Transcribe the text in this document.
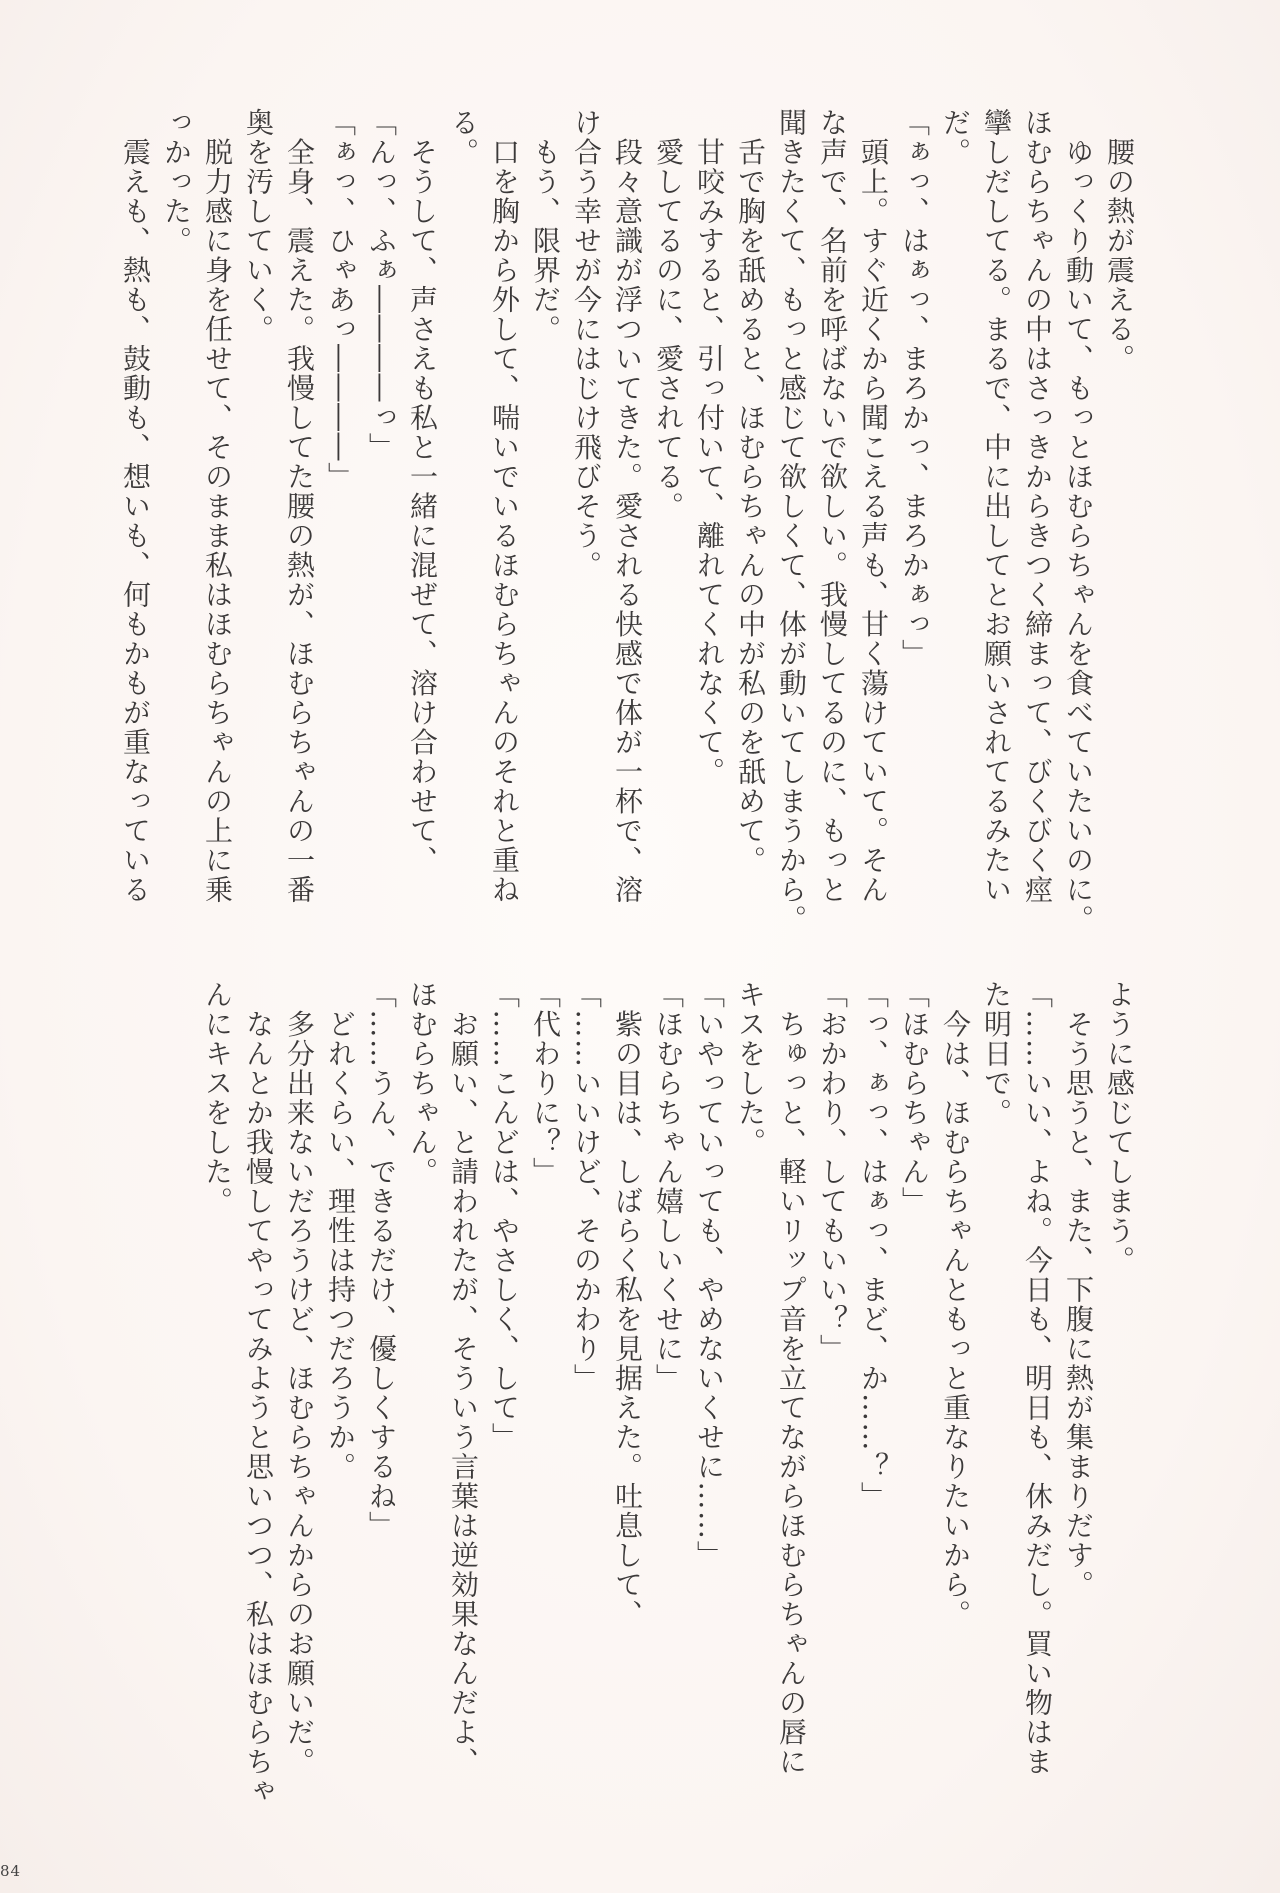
　腰の熱が震える。
　ゆっくり動いて、もっとほむらちゃんを食べていたいのに。
ほむらちゃんの中はさっきからきつく締まって、びくびく痙
攣しだしてる。まるで、中に出してとお願いされてるみたい
だ。
「ぁっ、はぁっ、まろかっ、まろかぁっ」
　頭上。すぐ近くから聞こえる声も、甘く蕩けていて。そん
な声で、名前を呼ばないで欲しい。我慢してるのに、もっと
聞きたくて、もっと感じて欲しくて、体が動いてしまうから。
　舌で胸を舐めると、ほむらちゃんの中が私のを舐めて。
　甘咬みすると、引っ付いて、離れてくれなくて。
　愛してるのに、愛されてる。
　段々意識が浮ついてきた。愛される快感で体が一杯で、溶
け合う幸せが今にはじけ飛びそう。
　もう、限界だ。
　口を胸から外して、喘いでいるほむらちゃんのそれと重ね
る。
　そうして、声さえも私と一緒に混ぜて、溶け合わせて、
「んっ、ふぁ――――っ」
「ぁっ、ひゃあっ――――」
　全身、震えた。我慢してた腰の熱が、ほむらちゃんの一番
奥を汚していく。
　脱力感に身を任せて、そのまま私はほむらちゃんの上に乗
っかった。
　震えも、熱も、鼓動も、想いも、何もかもが重なっている
ように感じてしまう。
　そう思うと、また、下腹に熱が集まりだす。
「……いい、よね。今日も、明日も、休みだし。買い物はま
た明日で。
　今は、ほむらちゃんともっと重なりたいから。
「ほむらちゃん」
「っ、ぁっ、はぁっ、まど、か……？」
「おかわり、してもいい？」
　ちゅっと、軽いリップ音を立てながらほむらちゃんの唇に
キスをした。
「いやっていっても、やめないくせに……」
「ほむらちゃん嬉しいくせに」
　紫の目は、しばらく私を見据えた。吐息して、
「……いいけど、そのかわり」
「代わりに？」
「……こんどは、やさしく、して」
　お願い、と請われたが、そういう言葉は逆効果なんだよ、
ほむらちゃん。
「……うん、できるだけ、優しくするね」
　どれくらい、理性は持つだろうか。
　多分出来ないだろうけど、ほむらちゃんからのお願いだ。
　なんとか我慢してやってみようと思いつつ、私はほむらちゃ
んにキスをした。
84
